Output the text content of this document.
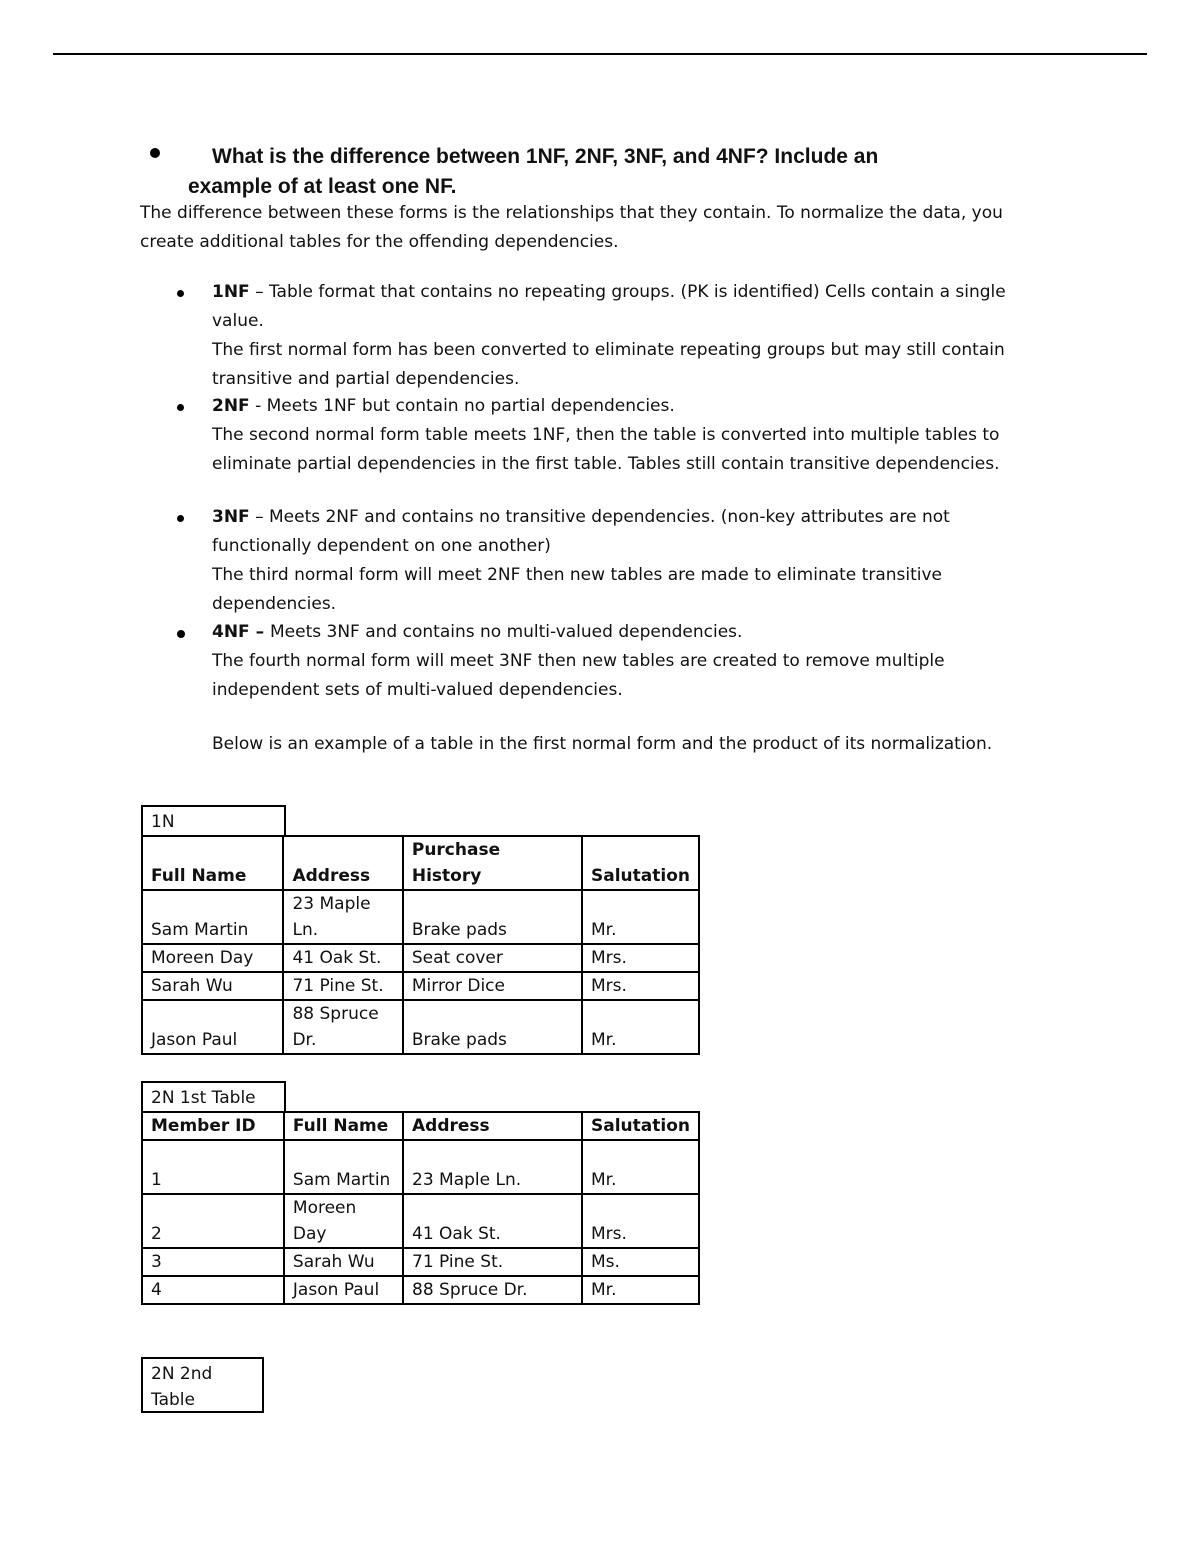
What is the difference between 1NF, 2NF, 3NF, and 4NF? Include an
example of at least one NF.
The difference between these forms is the relationships that they contain. To normalize the data, you create additional tables for the offending dependencies.
1NF – Table format that contains no repeating groups. (PK is identified) Cells contain a single value.
The first normal form has been converted to eliminate repeating groups but may still contain transitive and partial dependencies.
2NF - Meets 1NF but contain no partial dependencies.
The second normal form table meets 1NF, then the table is converted into multiple tables to eliminate partial dependencies in the first table. Tables still contain transitive dependencies.
3NF – Meets 2NF and contains no transitive dependencies. (non-key attributes are not functionally dependent on one another)
The third normal form will meet 2NF then new tables are made to eliminate transitive dependencies.
4NF – Meets 3NF and contains no multi-valued dependencies.
The fourth normal form will meet 3NF then new tables are created to remove multiple independent sets of multi-valued dependencies.
Below is an example of a table in the first normal form and the product of its normalization.
1N
Full Name	Address	Purchase History	Salutation
Sam Martin	23 Maple Ln.	Brake pads	Mr.
Moreen Day	41 Oak St.	Seat cover	Mrs.
Sarah Wu	71 Pine St.	Mirror Dice	Mrs.
Jason Paul	88 Spruce Dr.	Brake pads	Mr.
2N 1st Table
Member ID	Full Name	Address	Salutation
1	Sam Martin	23 Maple Ln.	Mr.
2	Moreen Day	41 Oak St.	Mrs.
3	Sarah Wu	71 Pine St.	Ms.
4	Jason Paul	88 Spruce Dr.	Mr.
2N 2nd Table
